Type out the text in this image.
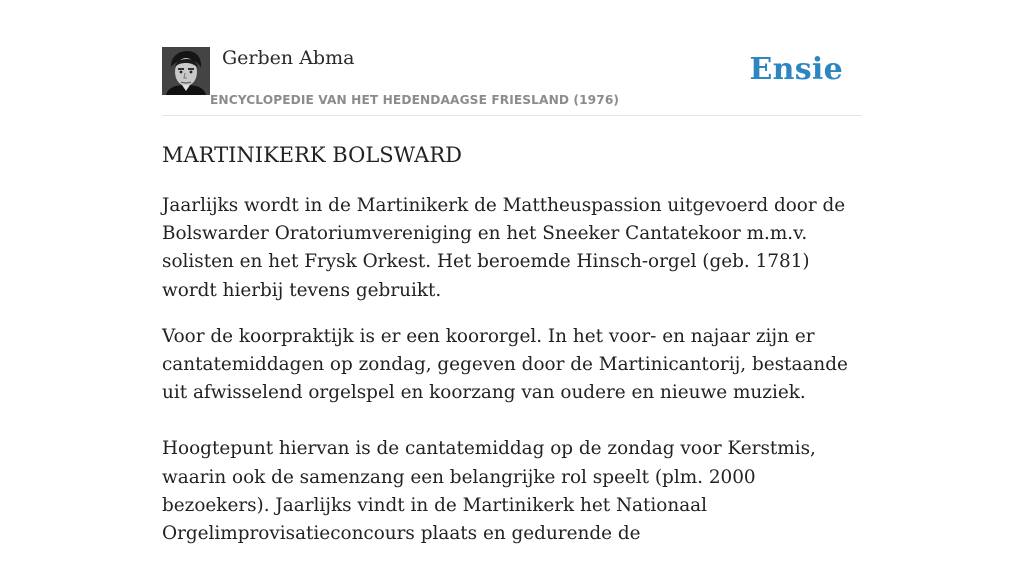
Gerben Abma
ENCYCLOPEDIE VAN HET HEDENDAAGSE FRIESLAND (1976)
Ensie
MARTINIKERK BOLSWARD

Jaarlijks wordt in de Martinikerk de Mattheuspassion uitgevoerd door de Bolswarder Oratoriumvereniging en het Sneeker Cantatekoor m.m.v. solisten en het Frysk Orkest. Het beroemde Hinsch-orgel (geb. 1781) wordt hierbij tevens gebruikt.

Voor de koorpraktijk is er een koororgel. In het voor- en najaar zijn er cantatemiddagen op zondag, gegeven door de Martinicantorij, bestaande uit afwisselend orgelspel en koorzang van oudere en nieuwe muziek.

Hoogtepunt hiervan is de cantatemiddag op de zondag voor Kerstmis, waarin ook de samenzang een belangrijke rol speelt (plm. 2000 bezoekers). Jaarlijks vindt in de Martinikerk het Nationaal Orgelimprovisatieconcours plaats en gedurende de
